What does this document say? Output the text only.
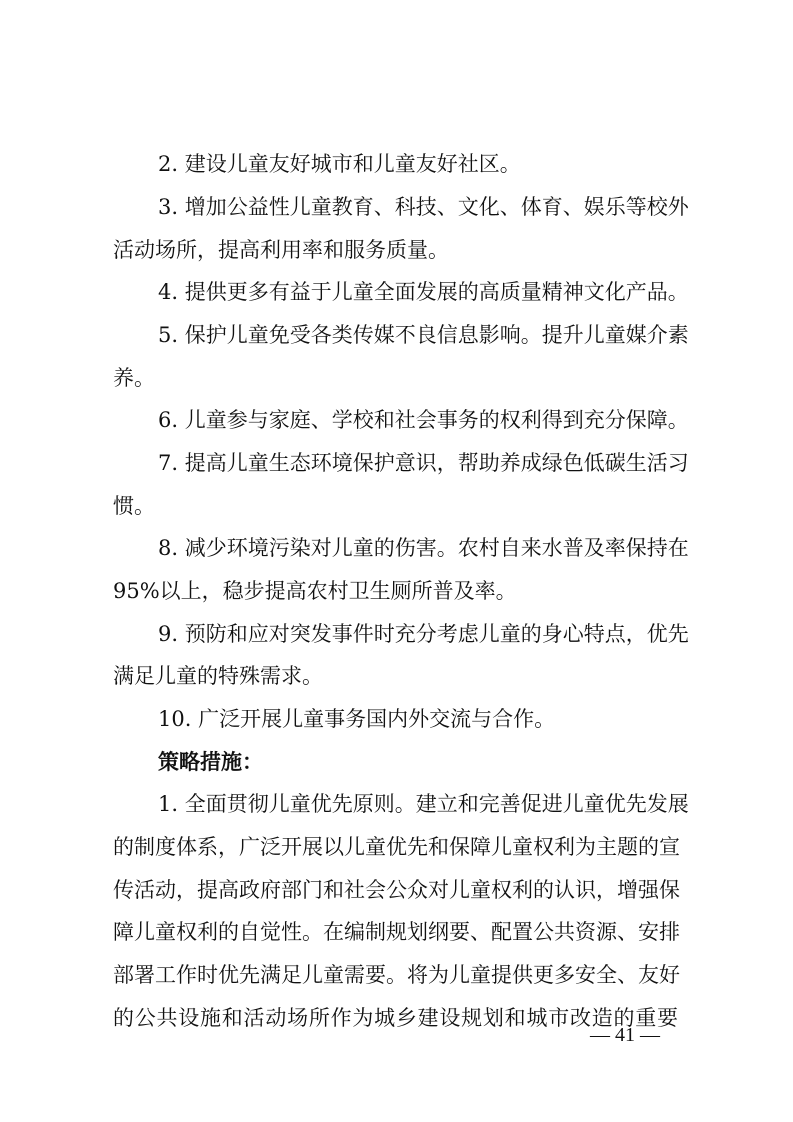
2. 建设儿童友好城市和儿童友好社区。
3. 增加公益性儿童教育、科技、文化、体育、娱乐等校外
活动场所，提高利用率和服务质量。
4. 提供更多有益于儿童全面发展的高质量精神文化产品。
5. 保护儿童免受各类传媒不良信息影响。提升儿童媒介素
养。
6. 儿童参与家庭、学校和社会事务的权利得到充分保障。
7. 提高儿童生态环境保护意识，帮助养成绿色低碳生活习
惯。
8. 减少环境污染对儿童的伤害。农村自来水普及率保持在
95%以上，稳步提高农村卫生厕所普及率。
9. 预防和应对突发事件时充分考虑儿童的身心特点，优先
满足儿童的特殊需求。
10. 广泛开展儿童事务国内外交流与合作。
策略措施：
1. 全面贯彻儿童优先原则。建立和完善促进儿童优先发展
的制度体系，广泛开展以儿童优先和保障儿童权利为主题的宣
传活动，提高政府部门和社会公众对儿童权利的认识，增强保
障儿童权利的自觉性。在编制规划纲要、配置公共资源、安排
部署工作时优先满足儿童需要。将为儿童提供更多安全、友好
的公共设施和活动场所作为城乡建设规划和城市改造的重要
— 41 —
